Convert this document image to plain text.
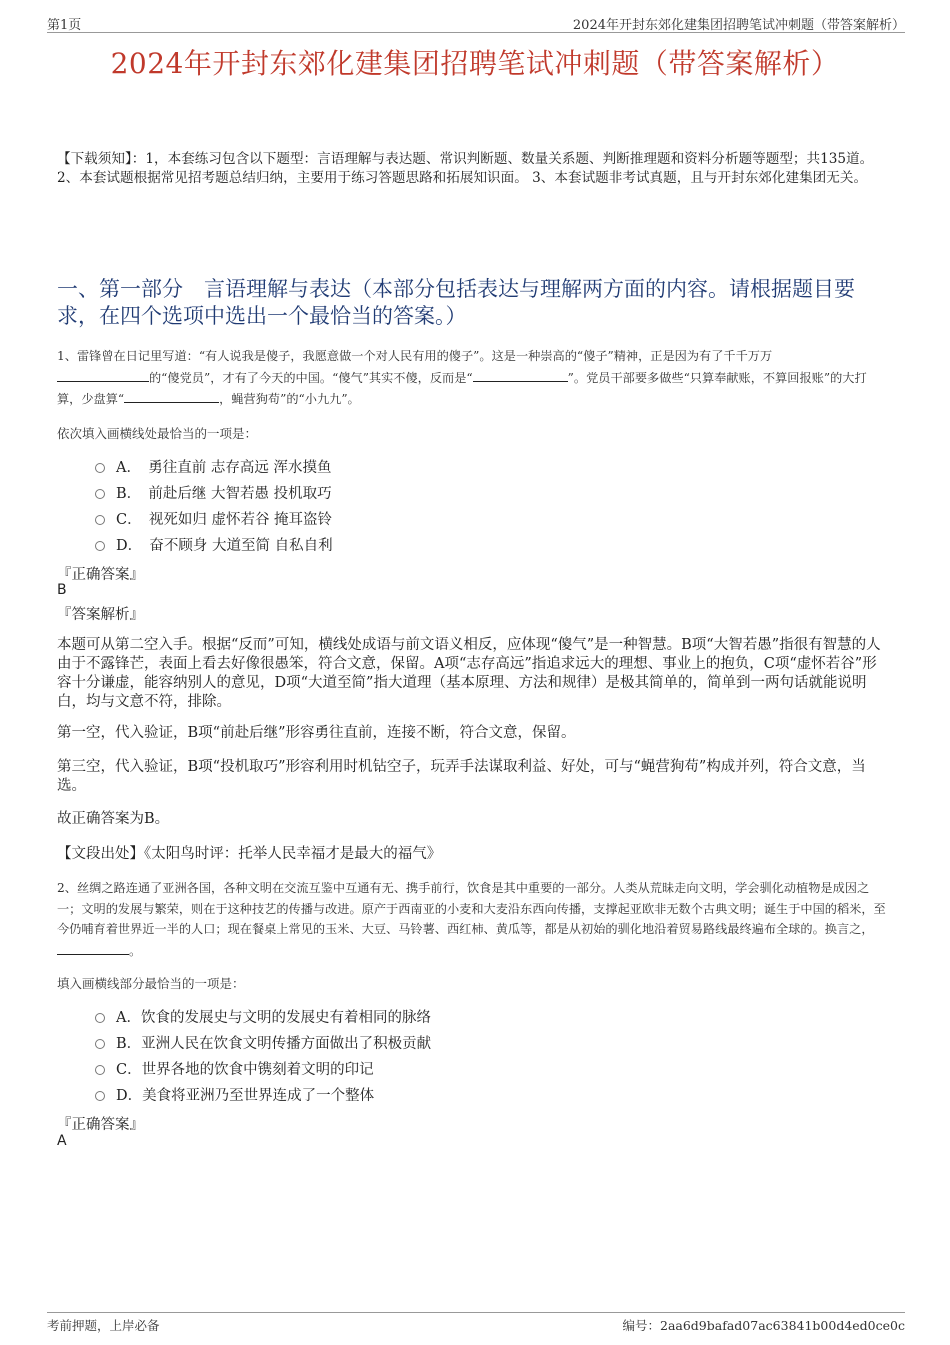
第1页	2024年开封东郊化建集团招聘笔试冲刺题（带答案解析）
2024年开封东郊化建集团招聘笔试冲刺题（带答案解析）
【下载须知】：1，本套练习包含以下题型：言语理解与表达题、常识判断题、数量关系题、判断推理题和资料分析题等题型；共135道。 2、本套试题根据常见招考题总结归纳，主要用于练习答题思路和拓展知识面。 3、本套试题非考试真题，且与开封东郊化建集团无关。
一、第一部分　言语理解与表达（本部分包括表达与理解两方面的内容。请根据题目要求，在四个选项中选出一个最恰当的答案。）
1、雷锋曾在日记里写道：“有人说我是傻子，我愿意做一个对人民有用的傻子”。这是一种崇高的“傻子”精神，正是因为有了千千万万
的“傻党员”，才有了今天的中国。“傻气”其实不傻，反而是“	”。党员干部要多做些“只算奉献账，不算回报账”的大打算，少盘算“	，蝇营狗苟”的“小九九”。
依次填入画横线处最恰当的一项是：
A．　勇往直前 志存高远 浑水摸鱼
B．　前赴后继 大智若愚 投机取巧
C．　视死如归 虚怀若谷 掩耳盗铃
D．　奋不顾身 大道至简 自私自利
『正确答案』
B
『答案解析』

本题可从第二空入手。根据“反而”可知，横线处成语与前文语义相反，应体现“傻气”是一种智慧。B项“大智若愚”指很有智慧的人由于不露锋芒，表面上看去好像很愚笨，符合文意，保留。A项“志存高远”指追求远大的理想、事业上的抱负，C项“虚怀若谷”形容十分谦虚，能容纳别人的意见，D项“大道至简”指大道理（基本原理、方法和规律）是极其简单的，简单到一两句话就能说明白，均与文意不符，排除。

第一空，代入验证，B项“前赴后继”形容勇往直前，连接不断，符合文意，保留。

第三空，代入验证，B项“投机取巧”形容利用时机钻空子，玩弄手法谋取利益、好处，可与“蝇营狗苟”构成并列，符合文意，当选。

故正确答案为B。

【文段出处】《太阳鸟时评：托举人民幸福才是最大的福气》

2、丝绸之路连通了亚洲各国，各种文明在交流互鉴中互通有无、携手前行，饮食是其中重要的一部分。人类从荒昧走向文明，学会驯化动植物是成因之一；文明的发展与繁荣，则在于这种技艺的传播与改进。原产于西南亚的小麦和大麦沿东西向传播，支撑起亚欧非无数个古典文明；诞生于中国的稻米，至今仍哺育着世界近一半的人口；现在餐桌上常见的玉米、大豆、马铃薯、西红柿、黄瓜等，都是从初始的驯化地沿着贸易路线最终遍布全球的。换言之，。
填入画横线部分最恰当的一项是：
A．饮食的发展史与文明的发展史有着相同的脉络
B．亚洲人民在饮食文明传播方面做出了积极贡献
C．世界各地的饮食中镌刻着文明的印记
D．美食将亚洲乃至世界连成了一个整体
『正确答案』
A
考前押题，上岸必备	编号：2aa6d9bafad07ac63841b00d4ed0ce0c
